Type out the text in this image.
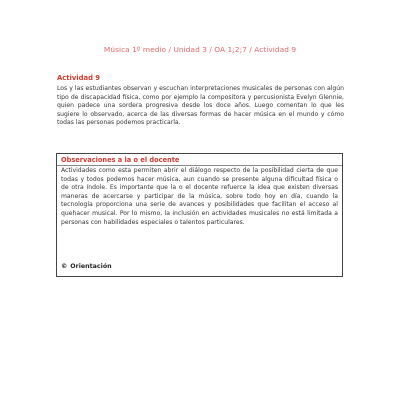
Música 1º medio / Unidad 3 / OA 1;2;7 / Actividad 9
Actividad 9
Los y las estudiantes observan y escuchan interpretaciones musicales de personas con algún tipo de discapacidad física, como por ejemplo la compositora y percusionista Evelyn Glennie, quien padece una sordera progresiva desde los doce años. Luego comentan lo que les sugiere lo observado, acerca de las diversas formas de hacer música en el mundo y cómo todas las personas podemos practicarla.
Observaciones a la o el docente
Actividades como esta permiten abrir el diálogo respecto de la posibilidad cierta de que todas y todos podemos hacer música, aun cuando se presente alguna dificultad física o de otra índole. Es importante que la o el docente refuerce la idea que existen diversas maneras de acercarse y participar de la música, sobre todo hoy en día, cuando la tecnología proporciona una serie de avances y posibilidades que facilitan el acceso al quehacer musical. Por lo mismo, la inclusión en actividades musicales no está limitada a personas con habilidades especiales o talentos particulares.
© Orientación
